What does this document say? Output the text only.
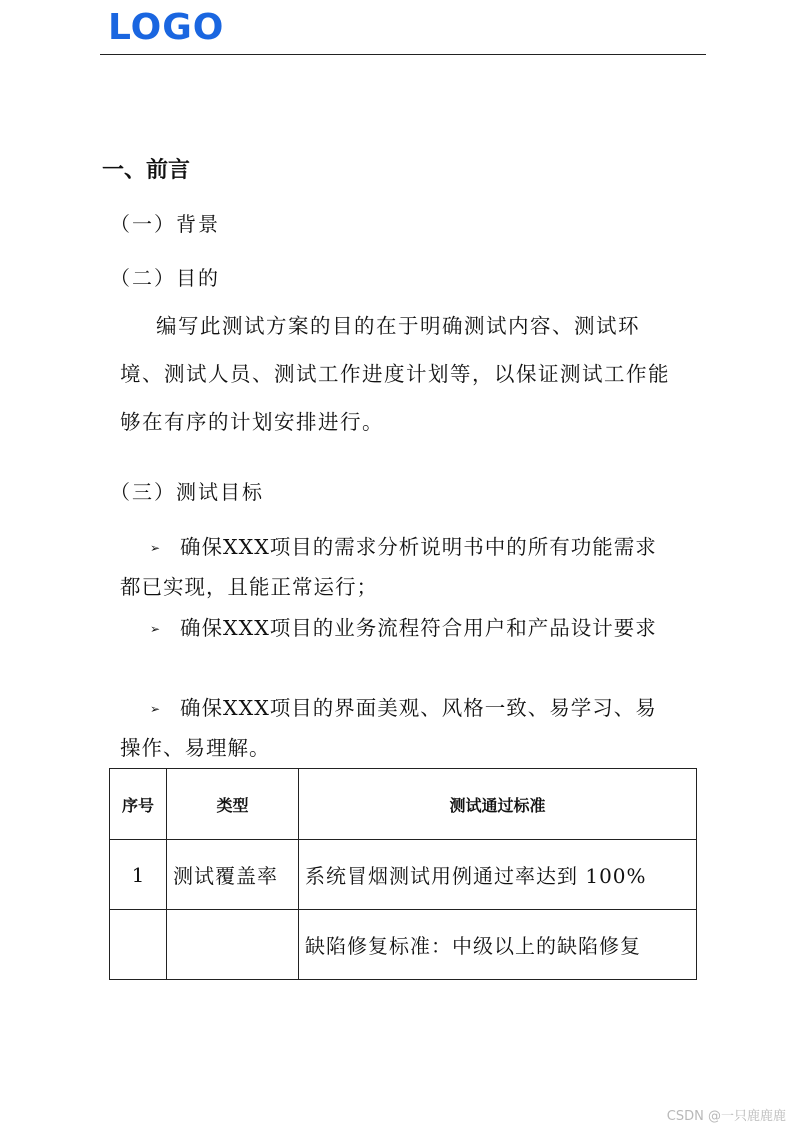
LOGO
一、前言
（一）背景
（二）目的

编写此测试方案的目的在于明确测试内容、测试环境、测试人员、测试工作进度计划等，以保证测试工作能够在有序的计划安排进行。

（三）测试目标

➢ 确保XXX项目的需求分析说明书中的所有功能需求都已实现，且能正常运行；

➢ 确保XXX项目的业务流程符合用户和产品设计要求

➢ 确保XXX项目的界面美观、风格一致、易学习、易操作、易理解。

序号	类型	测试通过标准
1	测试覆盖率	系统冒烟测试用例通过率达到 100%
		缺陷修复标准：中级以上的缺陷修复
CSDN @一只鹿鹿鹿
